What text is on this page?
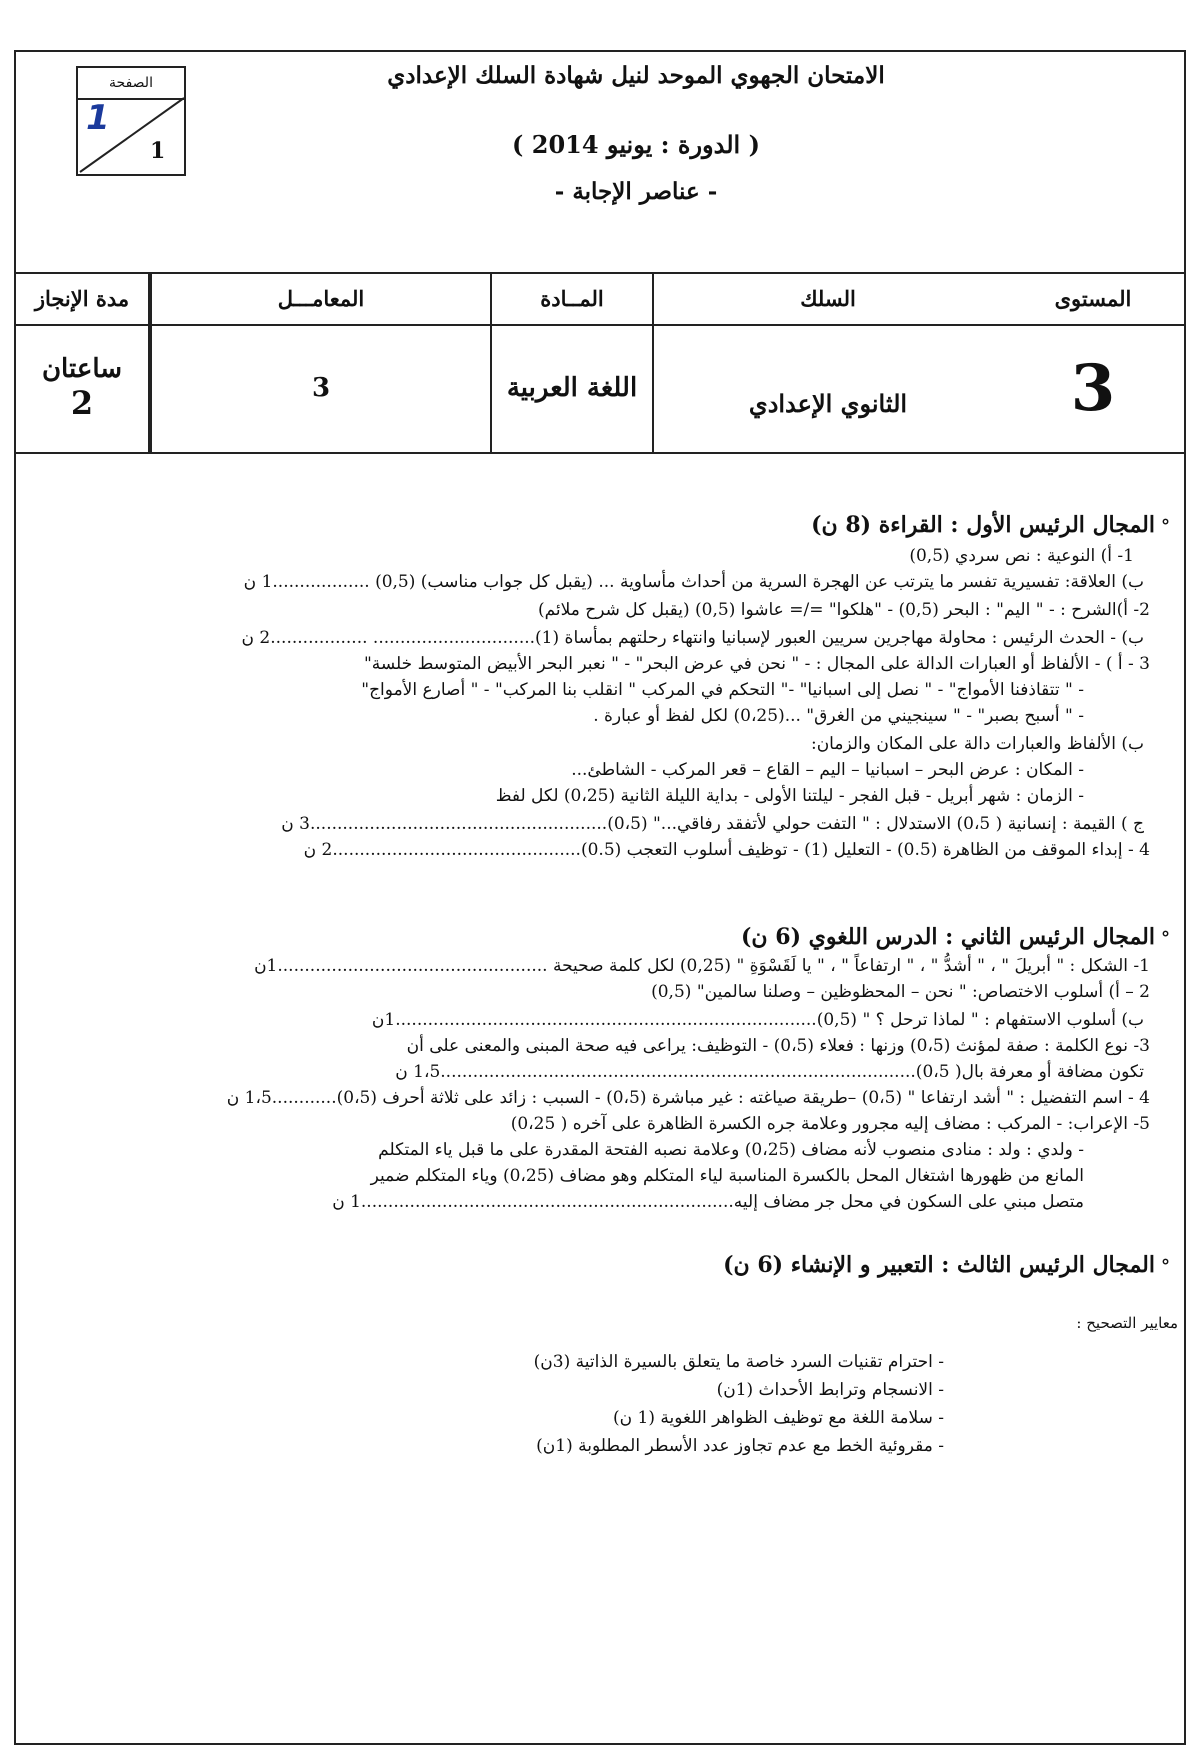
الامتحان الجهوي الموحد لنيل شهادة السلك الإعدادي
( الدورة : يونيو 2014 )
- عناصر الإجابة -
الصفحة
1
1
المستوى
السلك
المــادة
المعامـــل
مدة الإنجاز
3
الثانوي الإعدادي
اللغة العربية
3
ساعتان
2
°المجال الرئيس الأول : القراءة (8 ن)
1- أ) النوعية : نص سردي (0,5)
ب) العلاقة: تفسيرية تفسر ما يترتب عن الهجرة السرية من أحداث مأساوية ... (يقبل كل جواب مناسب) (0,5) ..................1 ن
2- أ)الشرح : - " اليم" : البحر (0,5) - "هلكوا" =/= عاشوا (0,5) (يقبل كل شرح ملائم)
ب) - الحدث الرئيس : محاولة مهاجرين سريين العبور لإسبانيا وانتهاء رحلتهم بمأساة (1).............................. ..................2 ن
3 - أ ) - الألفاظ أو العبارات الدالة على المجال : - " نحن في عرض البحر" - " نعبر البحر الأبيض المتوسط خلسة"
- " تتقاذفنا الأمواج" - " نصل إلى اسبانيا" -" التحكم في المركب " انقلب بنا المركب" - " أصارع الأمواج"
- " أسبح بصبر" - " سينجيني من الغرق" ...(0،25) لكل لفظ أو عبارة .
ب) الألفاظ والعبارات دالة على المكان والزمان:
- المكان : عرض البحر – اسبانيا – اليم – القاع – قعر المركب - الشاطئ...
- الزمان : شهر أبريل - قبل الفجر - ليلتنا الأولى - بداية الليلة الثانية (0،25) لكل لفظ
ج ) القيمة : إنسانية ( 0،5) الاستدلال : " التفت حولي لأتفقد رفاقي..." (0،5).......................................................3 ن
4 - إبداء الموقف من الظاهرة (0.5) - التعليل (1) - توظيف أسلوب التعجب (0.5)..............................................2 ن
°المجال الرئيس الثاني : الدرس اللغوي (6 ن)
1- الشكل : " أبريلَ " ، " أشدُّ " ، " ارتفاعاً " ، " يا لَقَسْوَةِ " (0,25) لكل كلمة صحيحة ..................................................1ن
2 – أ) أسلوب الاختصاص: " نحن – المحظوظين – وصلنا سالمين" (0,5)
ب) أسلوب الاستفهام : " لماذا ترحل ؟ " (0,5)..............................................................................1ن
3- نوع الكلمة : صفة لمؤنث (0،5) وزنها : فعلاء (0،5) - التوظيف: يراعى فيه صحة المبنى والمعنى على أن
تكون مضافة أو معرفة بال( 0،5)........................................................................................1،5 ن
4 - اسم التفضيل : " أشد ارتفاعا " (0،5) –طريقة صياغته : غير مباشرة (0،5) - السبب : زائد على ثلاثة أحرف (0،5)............1،5 ن
5- الإعراب: - المركب : مضاف إليه مجرور وعلامة جره الكسرة الظاهرة على آخره ( 0،25)
- ولدي : ولد : منادى منصوب لأنه مضاف (0،25) وعلامة نصبه الفتحة المقدرة على ما قبل ياء المتكلم
المانع من ظهورها اشتغال المحل بالكسرة المناسبة لياء المتكلم وهو مضاف (0،25) وياء المتكلم ضمير
متصل مبني على السكون في محل جر مضاف إليه.....................................................................1 ن
°المجال الرئيس الثالث : التعبير و الإنشاء (6 ن)
معايير التصحيح :
- احترام تقنيات السرد خاصة ما يتعلق بالسيرة الذاتية (3ن)
- الانسجام وترابط الأحداث (1ن)
- سلامة اللغة مع توظيف الظواهر اللغوية (1 ن)
- مقروئية الخط مع عدم تجاوز عدد الأسطر المطلوبة (1ن)
